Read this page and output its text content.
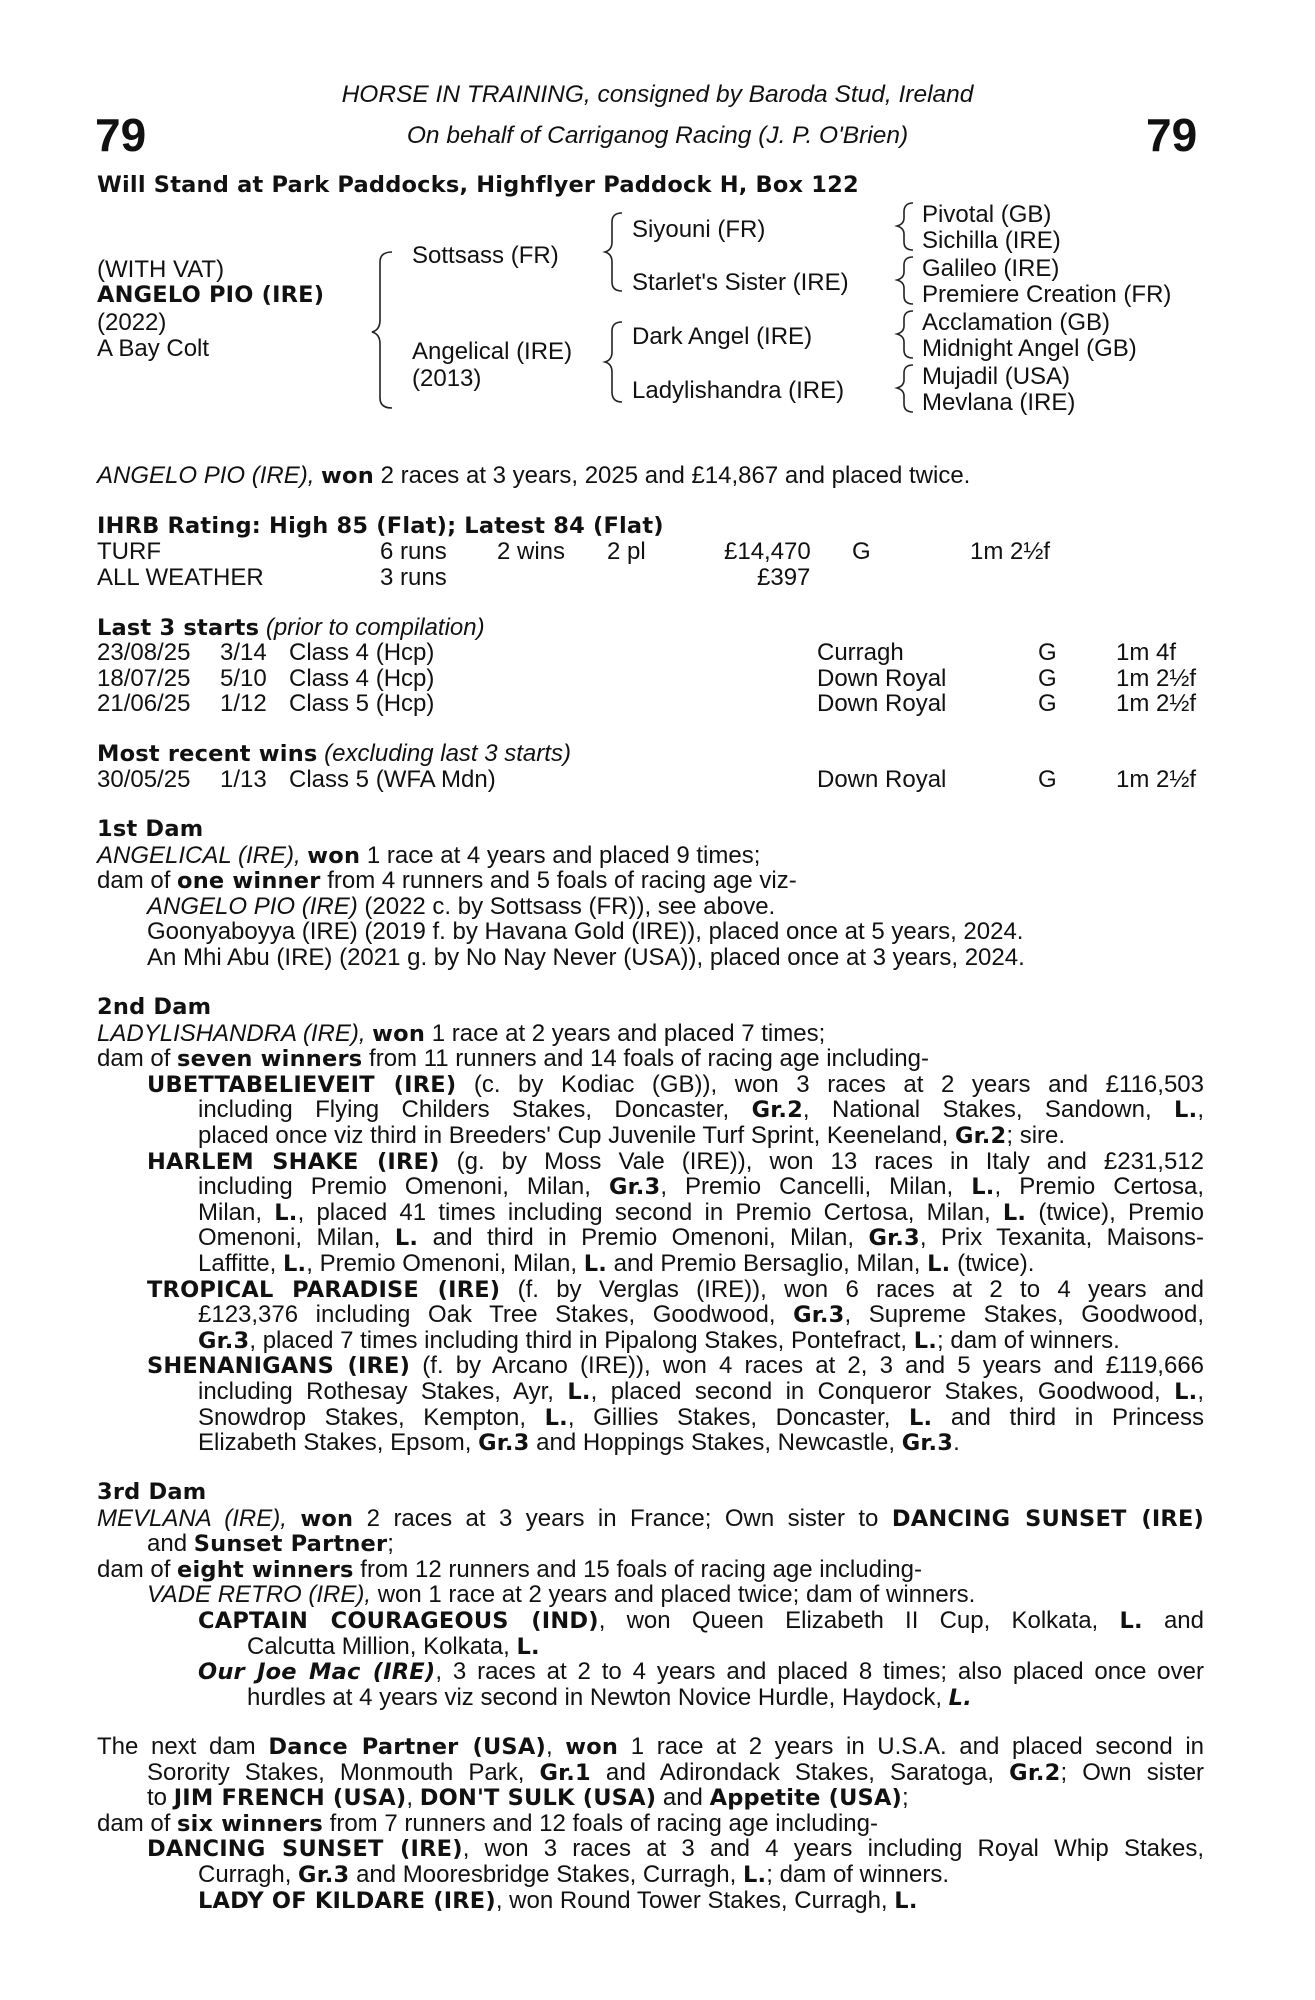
79	79
HORSE IN TRAINING, consigned by Baroda Stud, Ireland
On behalf of Carriganog Racing (J. P. O'Brien)
Will Stand at Park Paddocks, Highflyer Paddock H, Box 122
(WITH VAT)
ANGELO PIO (IRE)
(2022)
A Bay Colt
Sottsass (FR)
Angelical (IRE)
(2013)
Siyouni (FR)
Starlet's Sister (IRE)
Dark Angel (IRE)
Ladylishandra (IRE)
Pivotal (GB)
Sichilla (IRE)
Galileo (IRE)
Premiere Creation (FR)
Acclamation (GB)
Midnight Angel (GB)
Mujadil (USA)
Mevlana (IRE)
ANGELO PIO (IRE), won 2 races at 3 years, 2025 and £14,867 and placed twice.
IHRB Rating: High 85 (Flat); Latest 84 (Flat)
TURF	6 runs	2 wins	2 pl	£14,470	G	1m 2½f
ALL WEATHER	3 runs			£397		
Last 3 starts (prior to compilation)
23/08/25	3/14	Class 4 (Hcp)	Curragh	G	1m 4f
18/07/25	5/10	Class 4 (Hcp)	Down Royal	G	1m 2½f
21/06/25	1/12	Class 5 (Hcp)	Down Royal	G	1m 2½f
Most recent wins (excluding last 3 starts)
30/05/25	1/13	Class 5 (WFA Mdn)	Down Royal	G	1m 2½f
1st Dam
ANGELICAL (IRE), won 1 race at 4 years and placed 9 times;
dam of one winner from 4 runners and 5 foals of racing age viz-
ANGELO PIO (IRE) (2022 c. by Sottsass (FR)), see above.
Goonyaboyya (IRE) (2019 f. by Havana Gold (IRE)), placed once at 5 years, 2024.
An Mhi Abu (IRE) (2021 g. by No Nay Never (USA)), placed once at 3 years, 2024.
2nd Dam
LADYLISHANDRA (IRE), won 1 race at 2 years and placed 7 times;
dam of seven winners from 11 runners and 14 foals of racing age including-
UBETTABELIEVEIT (IRE) (c. by Kodiac (GB)), won 3 races at 2 years and £116,503
including Flying Childers Stakes, Doncaster, Gr.2, National Stakes, Sandown, L.,
placed once viz third in Breeders' Cup Juvenile Turf Sprint, Keeneland, Gr.2; sire.
HARLEM SHAKE (IRE) (g. by Moss Vale (IRE)), won 13 races in Italy and £231,512
including Premio Omenoni, Milan, Gr.3, Premio Cancelli, Milan, L., Premio Certosa,
Milan, L., placed 41 times including second in Premio Certosa, Milan, L. (twice), Premio
Omenoni, Milan, L. and third in Premio Omenoni, Milan, Gr.3, Prix Texanita, Maisons-
Laffitte, L., Premio Omenoni, Milan, L. and Premio Bersaglio, Milan, L. (twice).
TROPICAL PARADISE (IRE) (f. by Verglas (IRE)), won 6 races at 2 to 4 years and
£123,376 including Oak Tree Stakes, Goodwood, Gr.3, Supreme Stakes, Goodwood,
Gr.3, placed 7 times including third in Pipalong Stakes, Pontefract, L.; dam of winners.
SHENANIGANS (IRE) (f. by Arcano (IRE)), won 4 races at 2, 3 and 5 years and £119,666
including Rothesay Stakes, Ayr, L., placed second in Conqueror Stakes, Goodwood, L.,
Snowdrop Stakes, Kempton, L., Gillies Stakes, Doncaster, L. and third in Princess
Elizabeth Stakes, Epsom, Gr.3 and Hoppings Stakes, Newcastle, Gr.3.
3rd Dam
MEVLANA (IRE), won 2 races at 3 years in France; Own sister to DANCING SUNSET (IRE)
and Sunset Partner;
dam of eight winners from 12 runners and 15 foals of racing age including-
VADE RETRO (IRE), won 1 race at 2 years and placed twice; dam of winners.
CAPTAIN COURAGEOUS (IND), won Queen Elizabeth II Cup, Kolkata, L. and
Calcutta Million, Kolkata, L.
Our Joe Mac (IRE), 3 races at 2 to 4 years and placed 8 times; also placed once over
hurdles at 4 years viz second in Newton Novice Hurdle, Haydock, L.
The next dam Dance Partner (USA), won 1 race at 2 years in U.S.A. and placed second in
Sorority Stakes, Monmouth Park, Gr.1 and Adirondack Stakes, Saratoga, Gr.2; Own sister
to JIM FRENCH (USA), DON'T SULK (USA) and Appetite (USA);
dam of six winners from 7 runners and 12 foals of racing age including-
DANCING SUNSET (IRE), won 3 races at 3 and 4 years including Royal Whip Stakes,
Curragh, Gr.3 and Mooresbridge Stakes, Curragh, L.; dam of winners.
LADY OF KILDARE (IRE), won Round Tower Stakes, Curragh, L.
